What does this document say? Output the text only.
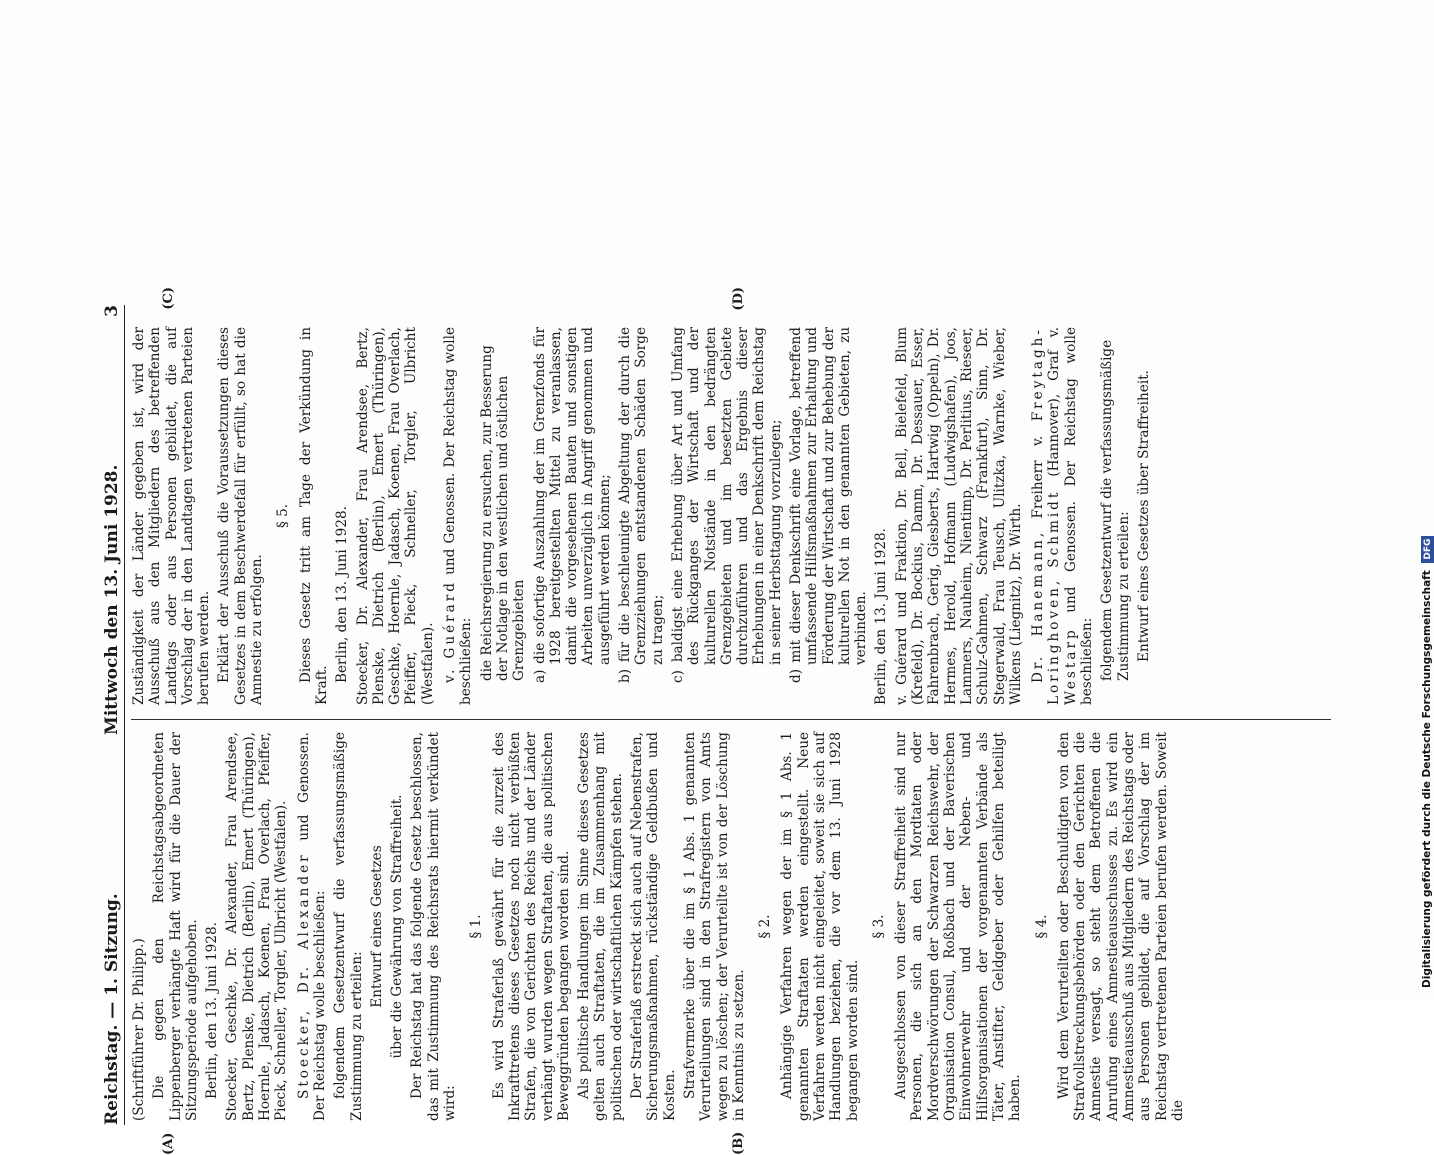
Reichstag. — 1. Sitzung.
Mittwoch den 13. Juni 1928.
3
(A)	(B)
(Schriftführer Dr. Philipp.) Die gegen den Reichstagsabgeordneten Lippenberger verhängte Haft wird für die Dauer der Sitzungsperiode aufgehoben. Berlin, den 13. Juni 1928. Stoecker, Geschke, Dr. Alexander, Frau Arendsee, Bertz, Plenske, Dietrich (Berlin), Emert (Thüringen), Hoernle, Jadasch, Koenen, Frau Overlach, Pfeiffer, Pieck, Schneller, Torgler, Ulbricht (Westfalen). Stoecker, Dr. Alexander und Genossen. Der Reichstag wolle beschließen: folgendem Gesetzentwurf die verfassungsmäßige Zustimmung zu erteilen:

Entwurf eines Gesetzes über die Gewährung von Straffreiheit. Der Reichstag hat das folgende Gesetz beschlossen, das mit Zustimmung des Reichsrats hiermit verkündet wird:

§ 1. Es wird Straferlaß gewährt für die zurzeit des Inkrafttretens dieses Gesetzes noch nicht verbüßten Strafen, die von Gerichten des Reichs und der Länder verhängt wurden wegen Straftaten, die aus politischen Beweggründen begangen worden sind. Als politische Handlungen im Sinne dieses Gesetzes gelten auch Straftaten, die im Zusammenhang mit politischen oder wirtschaftlichen Kämpfen stehen. Der Straferlaß erstreckt sich auch auf Nebenstrafen, Sicherungsmaßnahmen, rückständige Geldbußen und Kosten. Strafvermerke über die im § 1 Abs. 1 genannten Verurteilungen sind in den Strafregistern von Amts wegen zu löschen; der Verurteilte ist von der Löschung in Kenntnis zu setzen.

§ 2. Anhängige Verfahren wegen der im § 1 Abs. 1 genannten Straftaten werden eingestellt. Neue Verfahren werden nicht eingeleitet, soweit sie sich auf Handlungen beziehen, die vor dem 13. Juni 1928 begangen worden sind.

§ 3. Ausgeschlossen von dieser Straffreiheit sind nur Personen, die sich an den Mordtaten oder Mordverschwörungen der Schwarzen Reichswehr, der Organisation Consul, Roßbach und der Baverischen Einwohnerwehr und der Neben- und Hilfsorganisationen der vorgenannten Verbände als Täter, Anstifter, Geldgeber oder Gehilfen beteiligt haben.

§ 4. Wird dem Verurteilten oder Beschuldigten von den Strafvollstreckungsbehörden oder den Gerichten die Amnestie versagt, so steht dem Betroffenen die Anrufung eines Amnestieausschusses zu. Es wird ein Amnestieausschuß aus Mitgliedern des Reichstags oder aus Personen gebildet, die auf Vorschlag der im Reichstag vertretenen Parteien berufen werden. Soweit die

(C)	(D)

Zuständigkeit der Länder gegeben ist, wird der Ausschuß aus den Mitgliedern des betreffenden Landtags oder aus Personen gebildet, die auf Vorschlag der in den Landtagen vertretenen Parteien berufen werden. Erklärt der Ausschuß die Voraussetzungen dieses Gesetzes in dem Beschwerdefall für erfüllt, so hat die Amnestie zu erfolgen.

§ 5. Dieses Gesetz tritt am Tage der Verkündung in Kraft.

Berlin, den 13. Juni 1928. Stoecker, Dr. Alexander, Frau Arendsee, Bertz, Plenske, Dietrich (Berlin), Emert (Thüringen), Geschke, Hoernle, Jadasch, Koenen, Frau Overlach, Pfeiffer, Pieck, Schneller, Torgler, Ulbricht (Westfalen). v. Guérard und Genossen. Der Reichstag wolle beschließen: die Reichsregierung zu ersuchen, zur Besserung der Notlage in den westlichen und östlichen Grenzgebieten a) die sofortige Auszahlung der im Grenzfonds für 1928 bereitgestellten Mittel zu veranlassen, damit die vorgesehenen Bauten und sonstigen Arbeiten unverzüglich in Angriff genommen und ausgeführt werden können; b) für die beschleunigte Abgeltung der durch die Grenzziehungen entstandenen Schäden Sorge zu tragen; c) baldigst eine Erhebung über Art und Umfang des Rückganges der Wirtschaft und der kulturellen Notstände in den bedrängten Grenzgebieten und im besetzten Gebiete durchzuführen und das Ergebnis dieser Erhebungen in einer Denkschrift dem Reichstag in seiner Herbsttagung vorzulegen; d) mit dieser Denkschrift eine Vorlage, betreffend umfassende Hilfsmaßnahmen zur Erhaltung und Förderung der Wirtschaft und zur Behebung der kulturellen Not in den genannten Gebieten, zu verbinden. Berlin, den 13. Juni 1928. v. Guérard und Fraktion, Dr. Bell, Bielefeld, Blum (Krefeld), Dr. Bockius, Damm, Dr. Dessauer, Esser, Fahrenbrach, Gerig, Giesberts, Hartwig (Oppeln), Dr. Hermes, Herold, Hofmann (Ludwigshafen), Joos, Lammers, Nauheim, Nientimp, Dr. Perlitius, Rieseer, Schulz-Gahmen, Schwarz (Frankfurt), Sinn, Dr. Stegerwald, Frau Teusch, Ulitzka, Warnke, Wieber, Wilkens (Liegnitz), Dr. Wirth. Dr. Hanemann, Freiherr v. Freytagh-Loringhoven, Schmidt (Hannover), Graf v. Westarp und Genossen. Der Reichstag wolle beschließen: folgendem Gesetzentwurf die verfassungsmäßige Zustimmung zu erteilen: Entwurf eines Gesetzes über Straffreiheit.
Digitalisierung gefördert durch die Deutsche Forschungsgemeinschaft DFG
